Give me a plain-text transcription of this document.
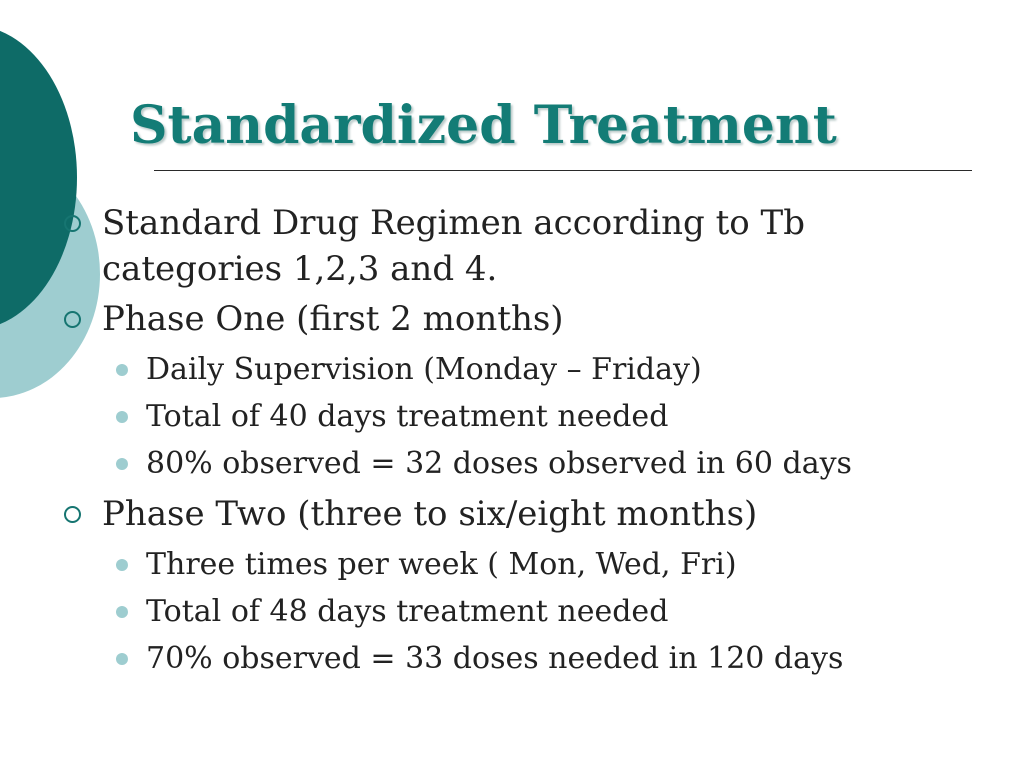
Standardized Treatment
Standard Drug Regimen according to Tb
categories 1,2,3 and 4.
Phase One (first 2 months)
Daily Supervision (Monday – Friday)
Total of 40 days treatment needed
80% observed = 32 doses observed in 60 days
Phase Two (three to six/eight months)
Three times per week ( Mon, Wed, Fri)
Total of 48 days treatment needed
70% observed = 33 doses needed in 120 days
